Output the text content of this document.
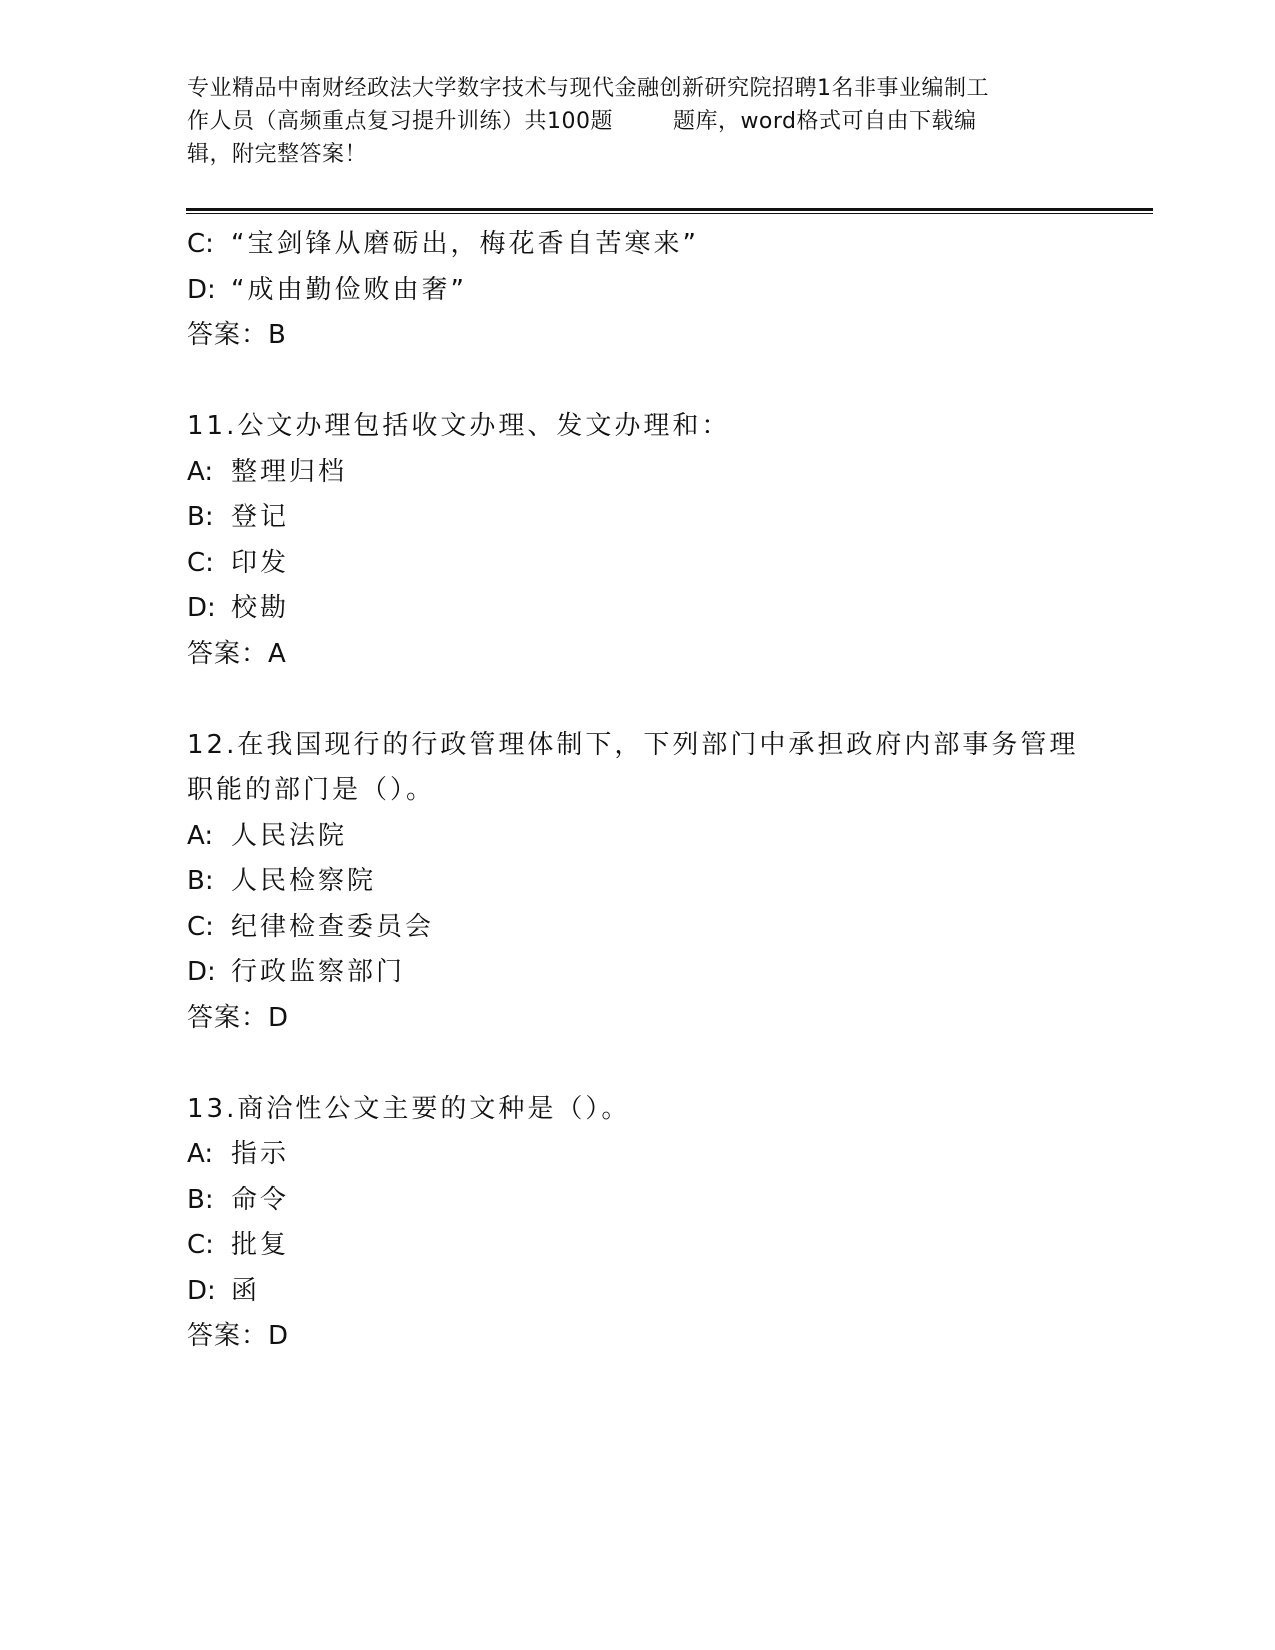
专业精品中南财经政法大学数字技术与现代金融创新研究院招聘1名非事业编制工
作人员（高频重点复习提升训练）共100题        题库，word格式可自由下载编
辑，附完整答案！
C: “宝剑锋从磨砺出，梅花香自苦寒来”
D: “成由勤俭败由奢”
答案：B
11.公文办理包括收文办理、发文办理和：
A: 整理归档
B: 登记
C: 印发
D: 校勘
答案：A
12.在我国现行的行政管理体制下，下列部门中承担政府内部事务管理
职能的部门是（）。
A: 人民法院
B: 人民检察院
C: 纪律检查委员会
D: 行政监察部门
答案：D
13.商洽性公文主要的文种是（）。
A: 指示
B: 命令
C: 批复
D: 函
答案：D
